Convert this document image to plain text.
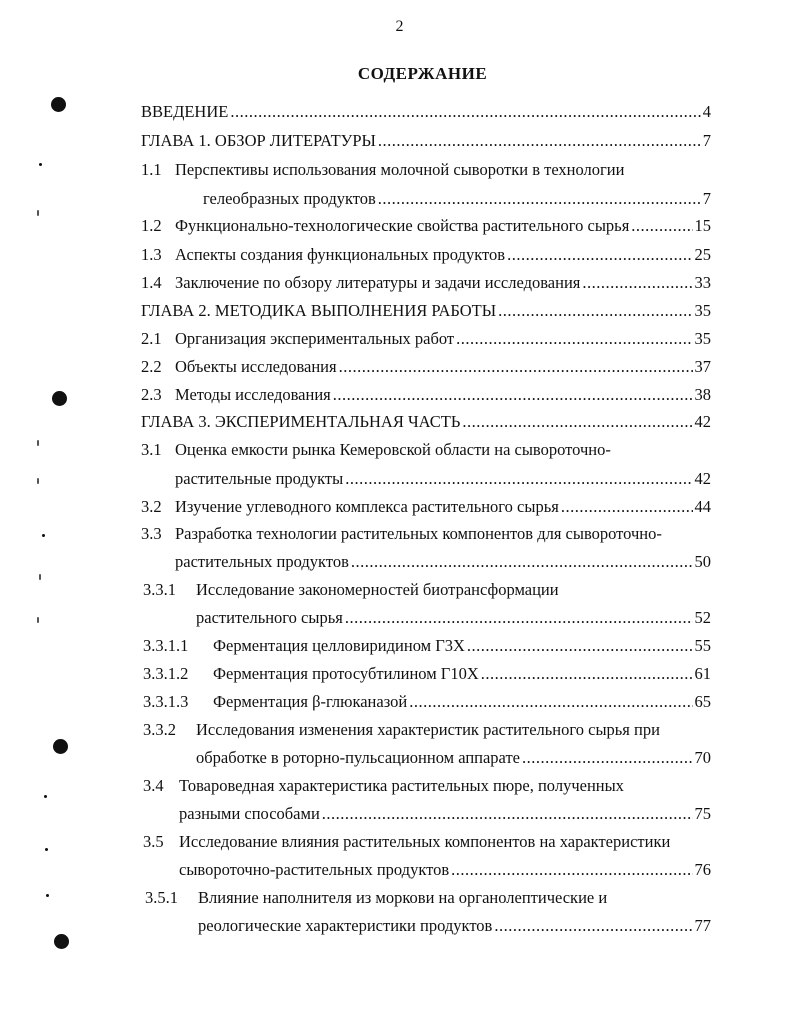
2
СОДЕРЖАНИЕ
ВВЕДЕНИЕ .....	4
ГЛАВА 1. ОБЗОР ЛИТЕРАТУРЫ .....	7
1.1 Перспективы использования молочной сыворотки в технологии
гелеобразных продуктов .....	7
1.2 Функционально-технологические свойства растительного сырья .....	15
1.3 Аспекты создания функциональных продуктов .....	25
1.4 Заключение по обзору литературы и задачи исследования .....	33
ГЛАВА 2. МЕТОДИКА ВЫПОЛНЕНИЯ РАБОТЫ .....	35
2.1 Организация экспериментальных работ .....	35
2.2 Объекты исследования .....	37
2.3 Методы исследования .....	38
ГЛАВА 3. ЭКСПЕРИМЕНТАЛЬНАЯ ЧАСТЬ .....	42
3.1 Оценка емкости рынка Кемеровской области на сывороточно-
растительные продукты .....	42
3.2 Изучение углеводного комплекса растительного сырья .....	44
3.3 Разработка технологии растительных компонентов для сывороточно-
растительных продуктов .....	50
3.3.1 Исследование закономерностей биотрансформации
растительного сырья .....	52
3.3.1.1 Ферментация целловиридином Г3Х .....	55
3.3.1.2 Ферментация протосубтилином Г10Х .....	61
3.3.1.3 Ферментация β-глюканазой .....	65
3.3.2 Исследования изменения характеристик растительного сырья при
обработке в роторно-пульсационном аппарате .....	70
3.4 Товароведная характеристика растительных пюре, полученных
разными способами .....	75
3.5 Исследование влияния растительных компонентов на характеристики
сывороточно-растительных продуктов .....	76
3.5.1 Влияние наполнителя из моркови на органолептические и
реологические характеристики продуктов .....	77
